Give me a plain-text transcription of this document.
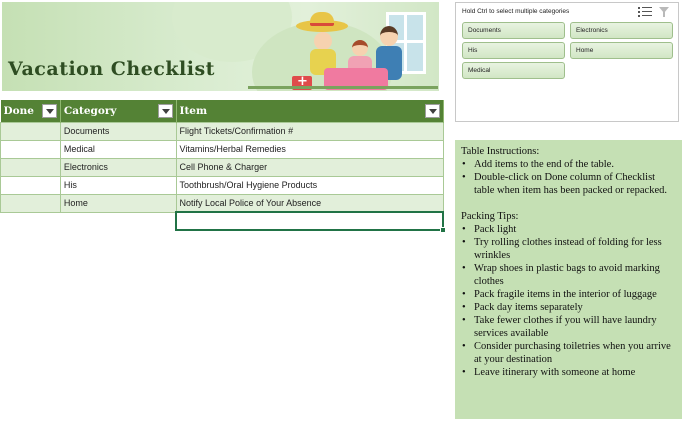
+
Vacation Checklist
Done	Category	Item

	Documents	Flight Tickets/Confirmation #
	Medical	Vitamins/Herbal Remedies
	Electronics	Cell Phone & Charger
	His	Toothbrush/Oral Hygiene Products
	Home	Notify Local Police of Your Absence

Hold Ctrl to select multiple categories
Documents	Electronics
His	Home
Medical
Table Instructions:
• Add items to the end of the table.
• Double-click on Done column of Checklist table when item has been packed or repacked.
Packing Tips:
• Pack light
• Try rolling clothes instead of folding for less wrinkles
• Wrap shoes in plastic bags to avoid marking clothes
• Pack fragile items in the interior of luggage
• Pack day items separately
• Take fewer clothes if you will have laundry services available
• Consider purchasing toiletries when you arrive at your destination
• Leave itinerary with someone at home
